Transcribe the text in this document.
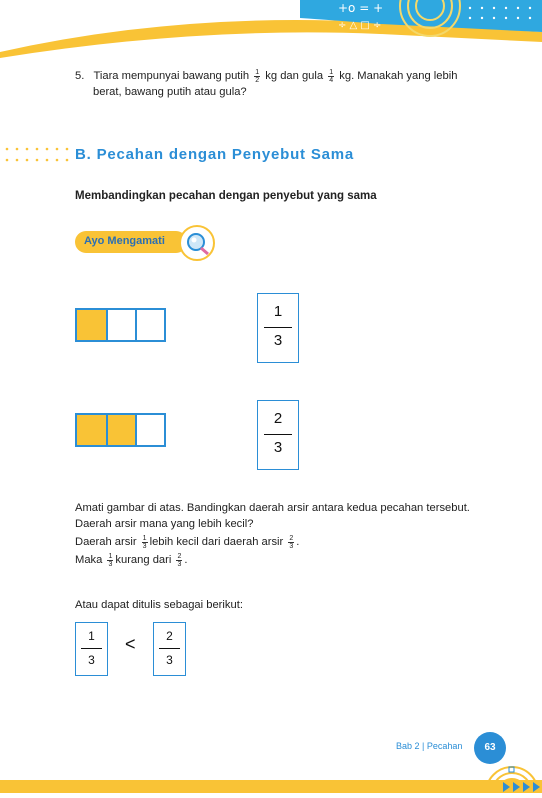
+o = +
÷ △ □ ÷
5. Tiara mempunyai bawang putih $\frac{1}{2}$ kg dan gula $\frac{1}{4}$ kg. Manakah yang lebih
berat, bawang putih atau gula?
B. Pecahan dengan Penyebut Sama
Membandingkan pecahan dengan penyebut yang sama
Ayo Mengamati
1
3
2
3
Amati gambar di atas. Bandingkan daerah arsir antara kedua pecahan tersebut.
Daerah arsir mana yang lebih kecil?
Daerah arsir $\frac{1}{3}$ lebih kecil dari daerah arsir $\frac{2}{3}$ .
Maka $\frac{1}{3}$ kurang dari $\frac{2}{3}$ .
Atau dapat ditulis sebagai berikut:
1
3
<	2
3
Bab 2 | Pecahan	63
